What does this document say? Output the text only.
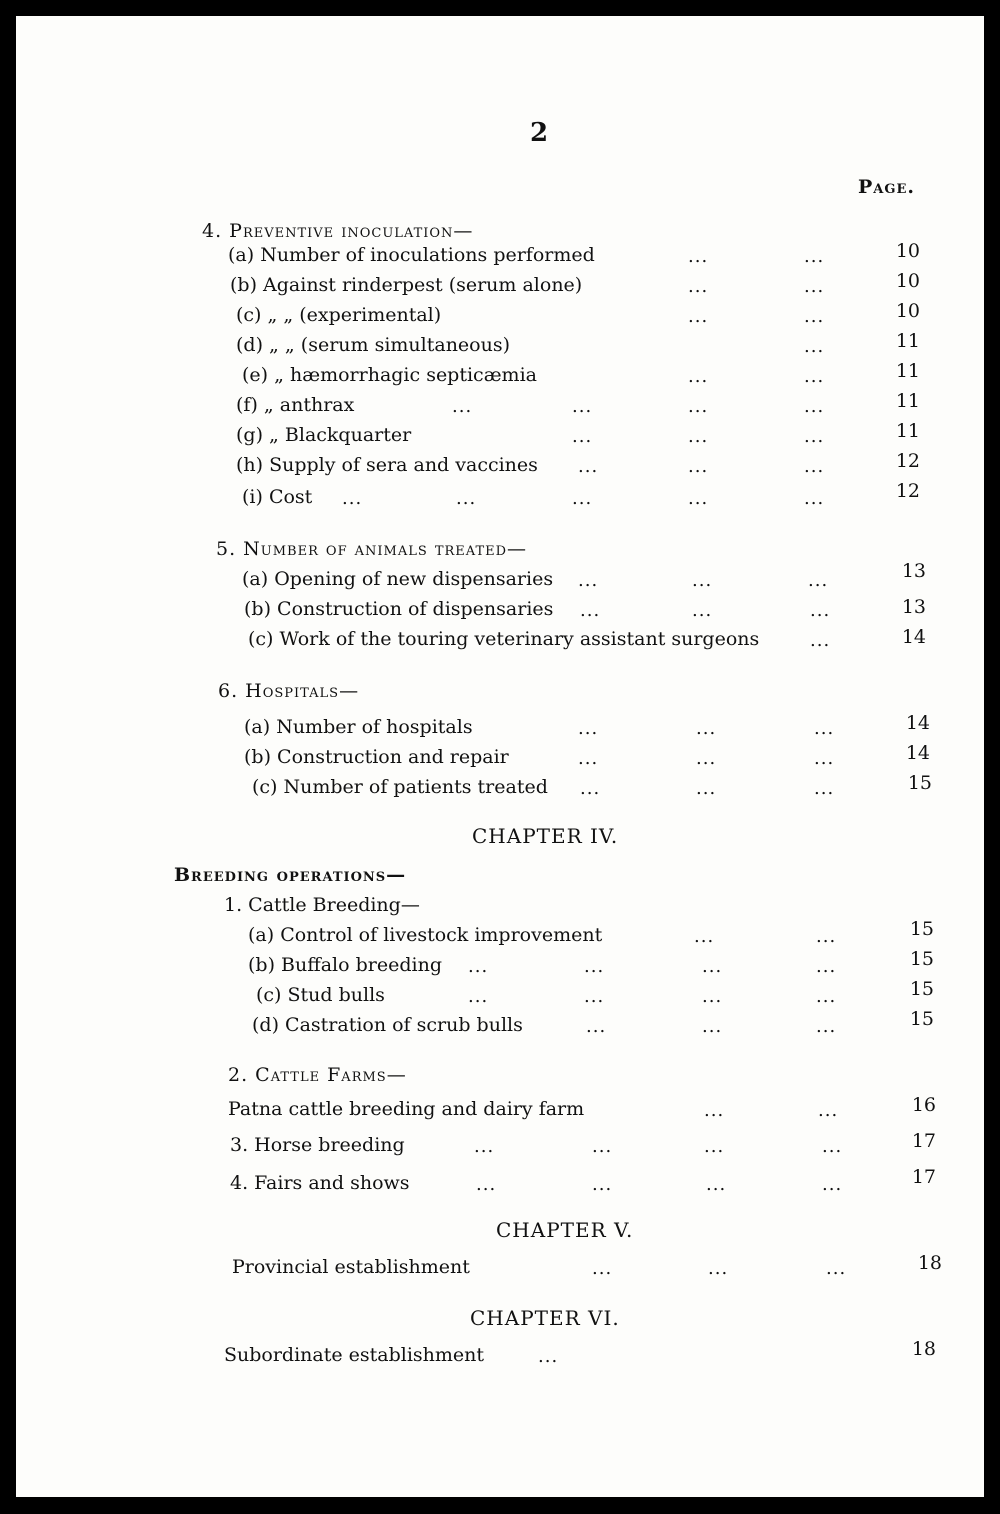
2
Page.
4. Preventive inoculation—
(a) Number of inoculations performed	...	...	10
(b) Against rinderpest (serum alone)	...	...	10
(c) „ „ (experimental)	...	...	10
(d) „ „ (serum simultaneous)	...	11
(e) „ hæmorrhagic septicæmia	...	...	11
(f) „ anthrax	...	...	...	...	11
(g) „ Blackquarter	...	...	...	11
(h) Supply of sera and vaccines ...	...	...	12
(i) Cost ...	...	...	...	...	12
5. Number of animals treated—
(a) Opening of new dispensaries ...	...	...	13
(b) Construction of dispensaries ...	...	...	13
(c) Work of the touring veterinary assistant surgeons	...	14
6. Hospitals—
(a) Number of hospitals	...	...	...	14
(b) Construction and repair	...	...	...	14
(c) Number of patients treated ...	...	...	15
CHAPTER IV.
Breeding operations—
1. Cattle Breeding—
(a) Control of livestock improvement	...	...	15
(b) Buffalo breeding ...	...	...	...	15
(c) Stud bulls	...	...	...	...	15
(d) Castration of scrub bulls	...	...	...	15
2. Cattle Farms—
Patna cattle breeding and dairy farm	...	...	16
3. Horse breeding	...	...	...	...	17
4. Fairs and shows	...	...	...	...	17
CHAPTER V.
Provincial establishment	...	...	...	18
CHAPTER VI.
Subordinate establishment	...	18
